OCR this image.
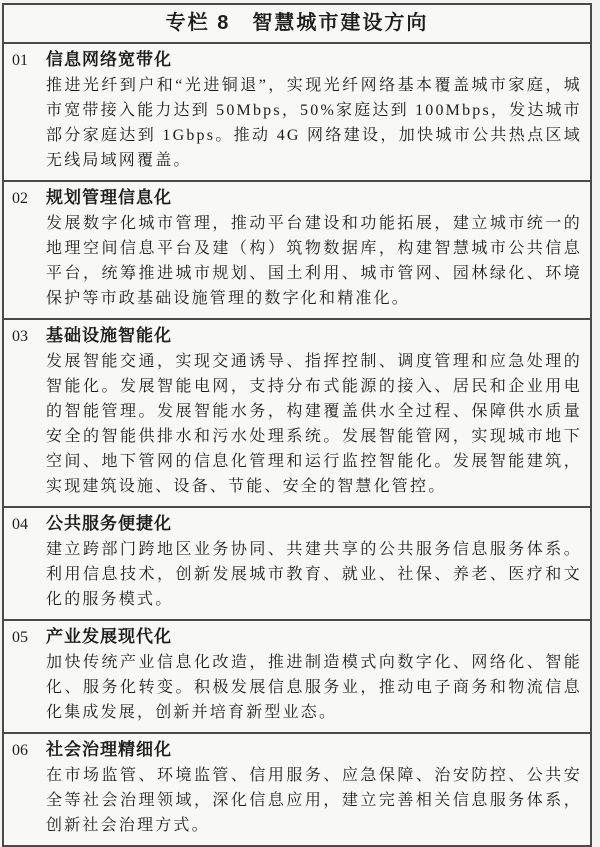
专栏 8　智慧城市建设方向
01	信息网络宽带化

推进光纤到户和“光进铜退”，实现光纤网络基本覆盖城市家庭，城市宽带接入能力达到 50Mbps，50%家庭达到 100Mbps，发达城市部分家庭达到 1Gbps。推动 4G 网络建设，加快城市公共热点区域无线局域网覆盖。

02	规划管理信息化

发展数字化城市管理，推动平台建设和功能拓展，建立城市统一的地理空间信息平台及建（构）筑物数据库，构建智慧城市公共信息平台，统筹推进城市规划、国土利用、城市管网、园林绿化、环境保护等市政基础设施管理的数字化和精准化。

03	基础设施智能化

发展智能交通，实现交通诱导、指挥控制、调度管理和应急处理的智能化。发展智能电网，支持分布式能源的接入、居民和企业用电的智能管理。发展智能水务，构建覆盖供水全过程、保障供水质量安全的智能供排水和污水处理系统。发展智能管网，实现城市地下空间、地下管网的信息化管理和运行监控智能化。发展智能建筑，实现建筑设施、设备、节能、安全的智慧化管控。

04	公共服务便捷化

建立跨部门跨地区业务协同、共建共享的公共服务信息服务体系。利用信息技术，创新发展城市教育、就业、社保、养老、医疗和文化的服务模式。

05	产业发展现代化

加快传统产业信息化改造，推进制造模式向数字化、网络化、智能化、服务化转变。积极发展信息服务业，推动电子商务和物流信息化集成发展，创新并培育新型业态。

06	社会治理精细化

在市场监管、环境监管、信用服务、应急保障、治安防控、公共安全等社会治理领域，深化信息应用，建立完善相关信息服务体系，创新社会治理方式。
